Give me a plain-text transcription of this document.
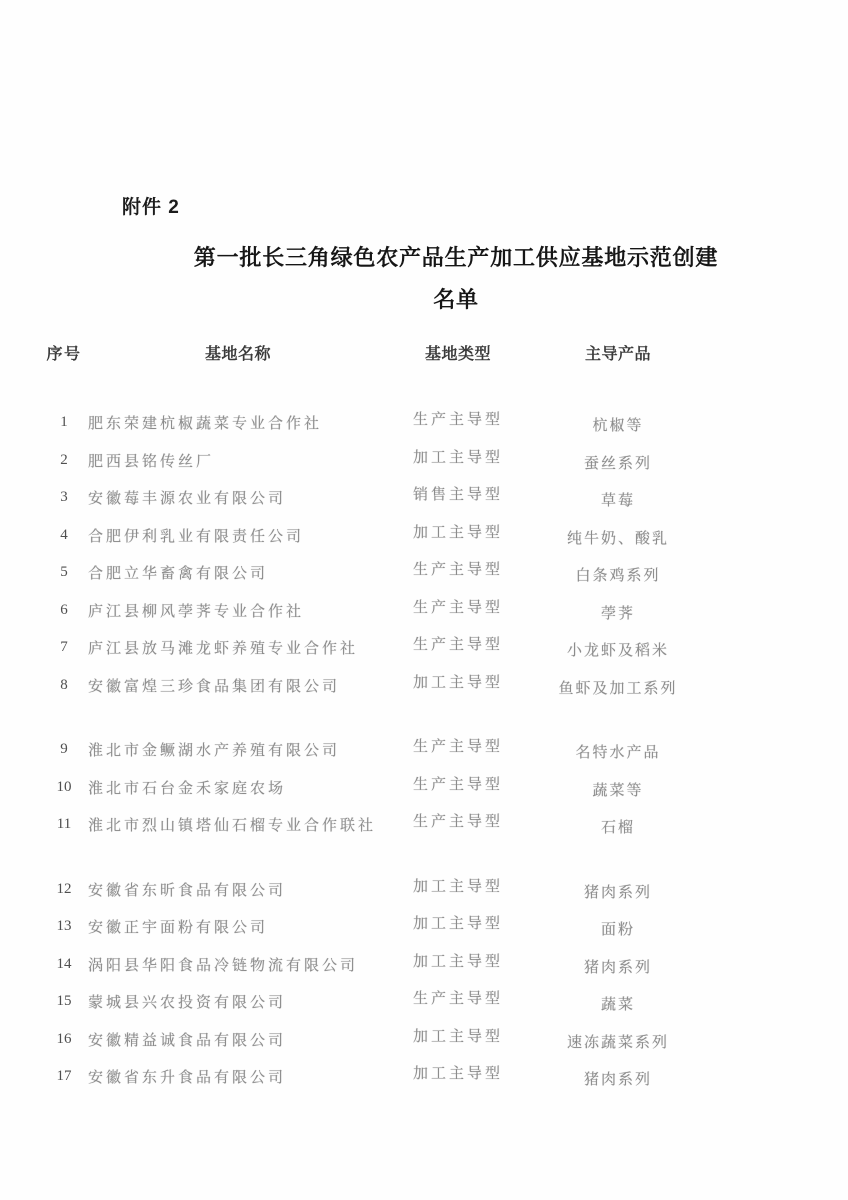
附件 2
第一批长三角绿色农产品生产加工供应基地示范创建
名单
序号	基地名称	基地类型	主导产品
1	肥东荣建杭椒蔬菜专业合作社	生产主导型	杭椒等
2	肥西县铭传丝厂	加工主导型	蚕丝系列
3	安徽莓丰源农业有限公司	销售主导型	草莓
4	合肥伊利乳业有限责任公司	加工主导型	纯牛奶、酸乳
5	合肥立华畜禽有限公司	生产主导型	白条鸡系列
6	庐江县柳风荸荠专业合作社	生产主导型	荸荠
7	庐江县放马滩龙虾养殖专业合作社	生产主导型	小龙虾及稻米
8	安徽富煌三珍食品集团有限公司	加工主导型	鱼虾及加工系列
9	淮北市金鳜湖水产养殖有限公司	生产主导型	名特水产品
10	淮北市石台金禾家庭农场	生产主导型	蔬菜等
11	淮北市烈山镇塔仙石榴专业合作联社	生产主导型	石榴
12	安徽省东昕食品有限公司	加工主导型	猪肉系列
13	安徽正宇面粉有限公司	加工主导型	面粉
14	涡阳县华阳食品冷链物流有限公司	加工主导型	猪肉系列
15	蒙城县兴农投资有限公司	生产主导型	蔬菜
16	安徽精益诚食品有限公司	加工主导型	速冻蔬菜系列
17	安徽省东升食品有限公司	加工主导型	猪肉系列
